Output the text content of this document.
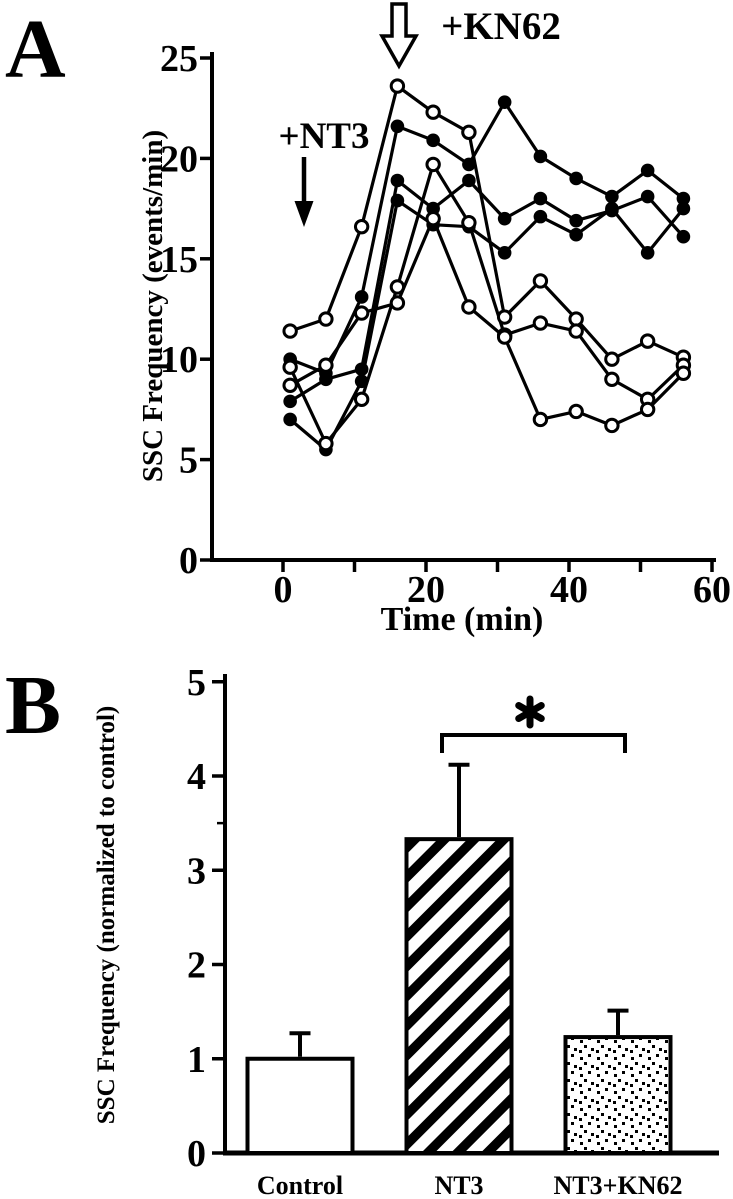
0
5
10
15
20
25
0	20	40	60
0
1
2
3
4
5
A
B
SSC Frequency (events/min)
Time (min)
+NT3
+KN62
SSC Frequency (normalized to control)
Control	NT3	NT3+KN62
